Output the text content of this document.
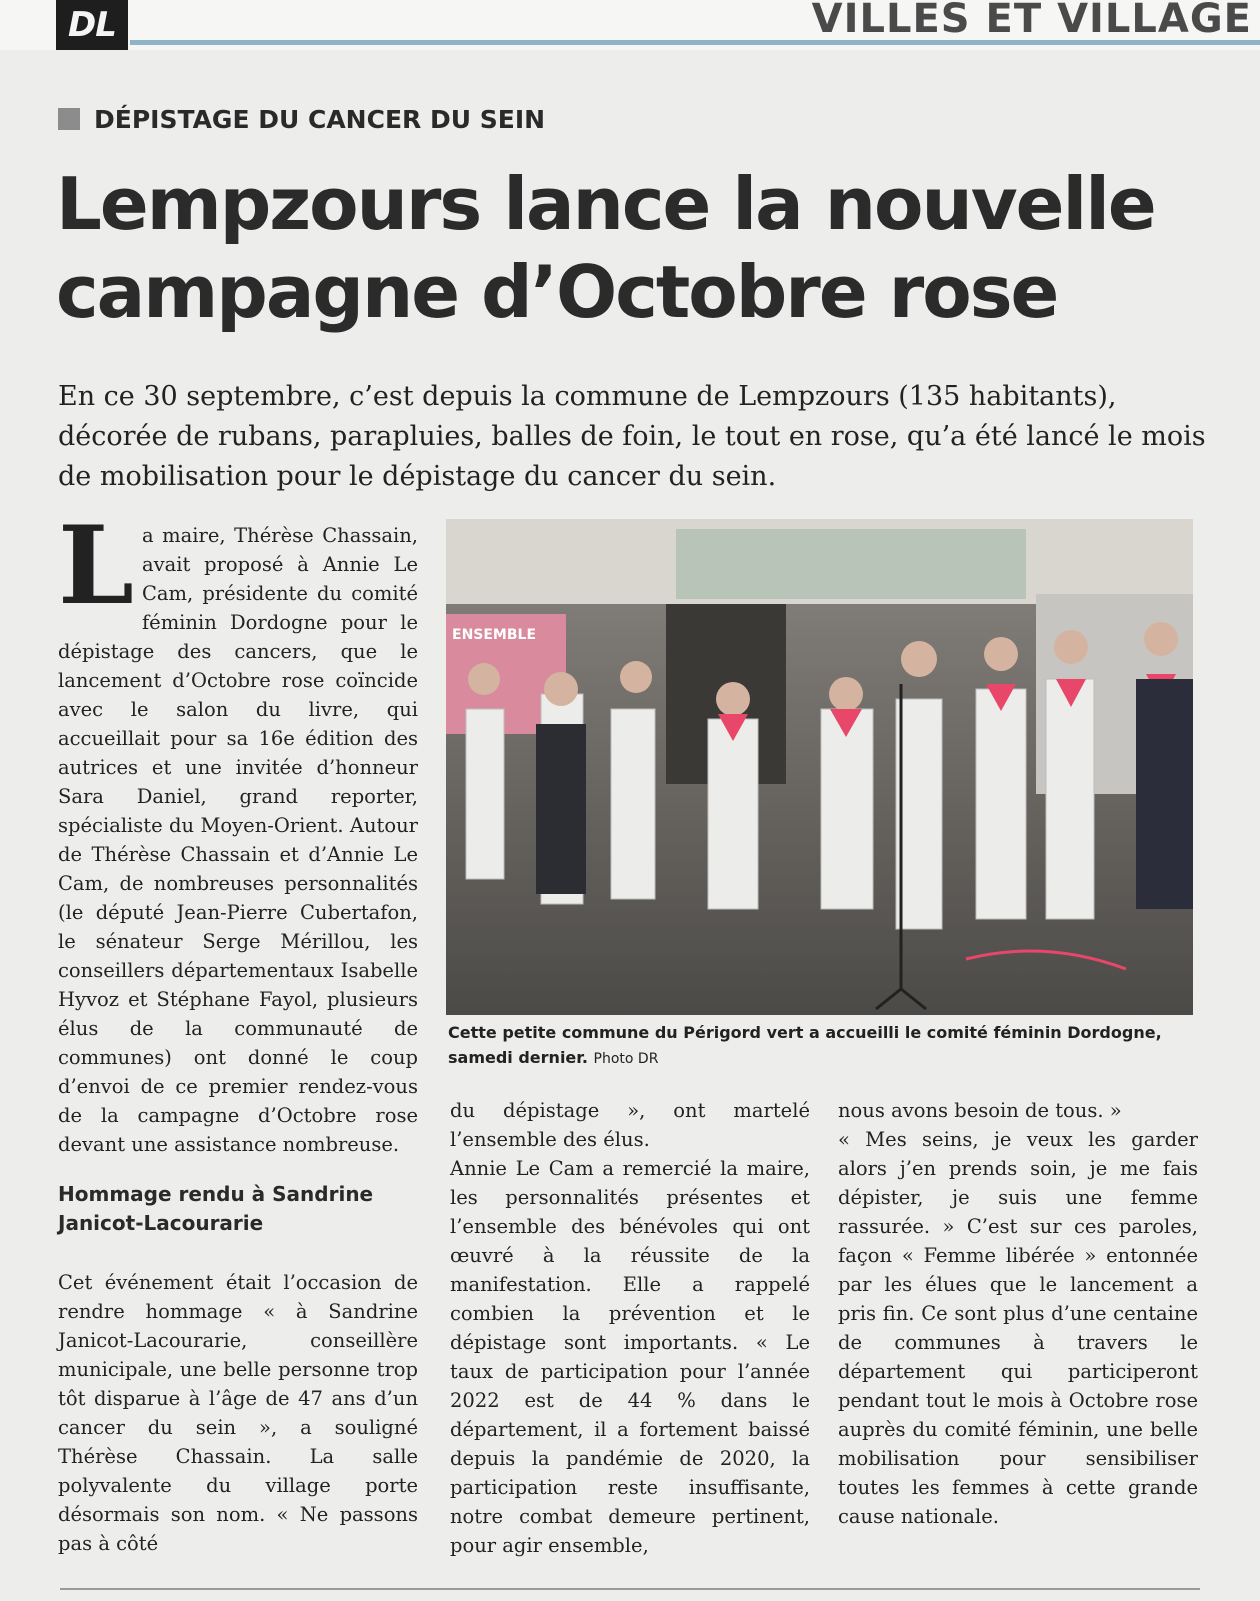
DL	VILLES ET VILLAGE
DÉPISTAGE DU CANCER DU SEIN
Lempzours lance la nouvelle campagne d’Octobre rose

En ce 30 septembre, c’est depuis la commune de Lempzours (135 habitants), décorée de rubans, parapluies, balles de foin, le tout en rose, qu’a été lancé le mois de mobilisation pour le dépistage du cancer du sein.

L a maire, Thérèse Chassain, avait proposé à Annie Le Cam, présidente du comité féminin Dordogne pour le dépistage des cancers, que le lancement d’Octobre rose coïncide avec le salon du livre, qui accueillait pour sa 16e édition des autrices et une invitée d’honneur Sara Daniel, grand reporter, spécialiste du Moyen-Orient. Autour de Thérèse Chassain et d’Annie Le Cam, de nombreuses personnalités (le député Jean-Pierre Cubertafon, le sénateur Serge Mérillou, les conseillers départementaux Isabelle Hyvoz et Stéphane Fayol, plusieurs élus de la communauté de communes) ont donné le coup d’envoi de ce premier rendez-vous de la campagne d’Octobre rose devant une assistance nombreuse.

Hommage rendu à Sandrine Janicot-Lacourarie

Cet événement était l’occasion de rendre hommage « à Sandrine Janicot-Lacourarie, conseillère municipale, une belle personne trop tôt disparue à l’âge de 47 ans d’un cancer du sein », a souligné Thérèse Chassain. La salle polyvalente du village porte désormais son nom. « Ne passons pas à côté

ENSEMBLE
Cette petite commune du Périgord vert a accueilli le comité féminin Dordogne, samedi dernier. Photo DR

du dépistage », ont martelé l’ensemble des élus.

Annie Le Cam a remercié la maire, les personnalités présentes et l’ensemble des bénévoles qui ont œuvré à la réussite de la manifestation. Elle a rappelé combien la prévention et le dépistage sont importants. « Le taux de participation pour l’année 2022 est de 44 % dans le département, il a fortement baissé depuis la pandémie de 2020, la participation reste insuffisante, notre combat demeure pertinent, pour agir ensemble,

nous avons besoin de tous. »

« Mes seins, je veux les garder alors j’en prends soin, je me fais dépister, je suis une femme rassurée. » C’est sur ces paroles, façon « Femme libérée » entonnée par les élues que le lancement a pris fin. Ce sont plus d’une centaine de communes à travers le département qui participeront pendant tout le mois à Octobre rose auprès du comité féminin, une belle mobilisation pour sensibiliser toutes les femmes à cette grande cause nationale.
